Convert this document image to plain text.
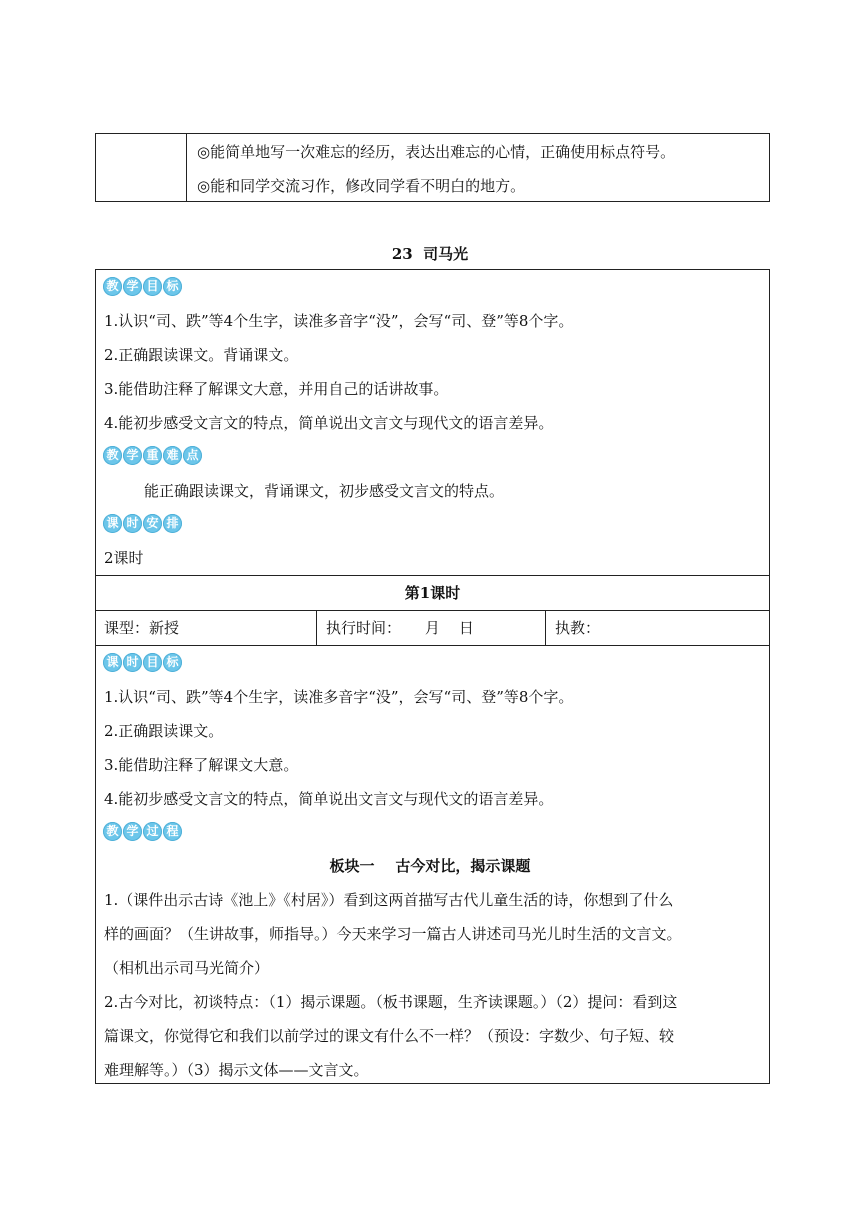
◎能简单地写一次难忘的经历，表达出难忘的心情，正确使用标点符号。
◎能和同学交流习作，修改同学看不明白的地方。
23  司马光
教 学 目 标
1.认识“司、跌”等4个生字，读准多音字“没”，会写“司、登”等8个字。
2.正确跟读课文。背诵课文。
3.能借助注释了解课文大意，并用自己的话讲故事。
4.能初步感受文言文的特点，简单说出文言文与现代文的语言差异。
教 学 重 难 点
能正确跟读课文，背诵课文，初步感受文言文的特点。
课 时 安 排
2课时
第1课时
课型：新授	执行时间：     月    日	执教：
课 时 目 标
1.认识“司、跌”等4个生字，读准多音字“没”，会写“司、登”等8个字。
2.正确跟读课文。
3.能借助注释了解课文大意。
4.能初步感受文言文的特点，简单说出文言文与现代文的语言差异。
教 学 过 程
板块一    古今对比，揭示课题
1.（课件出示古诗《池上》《村居》）看到这两首描写古代儿童生活的诗，你想到了什么
样的画面？（生讲故事，师指导。）今天来学习一篇古人讲述司马光儿时生活的文言文。
（相机出示司马光简介）
2.古今对比，初谈特点：（1）揭示课题。（板书课题，生齐读课题。）（2）提问：看到这
篇课文，你觉得它和我们以前学过的课文有什么不一样？（预设：字数少、句子短、较
难理解等。）（3）揭示文体——文言文。
